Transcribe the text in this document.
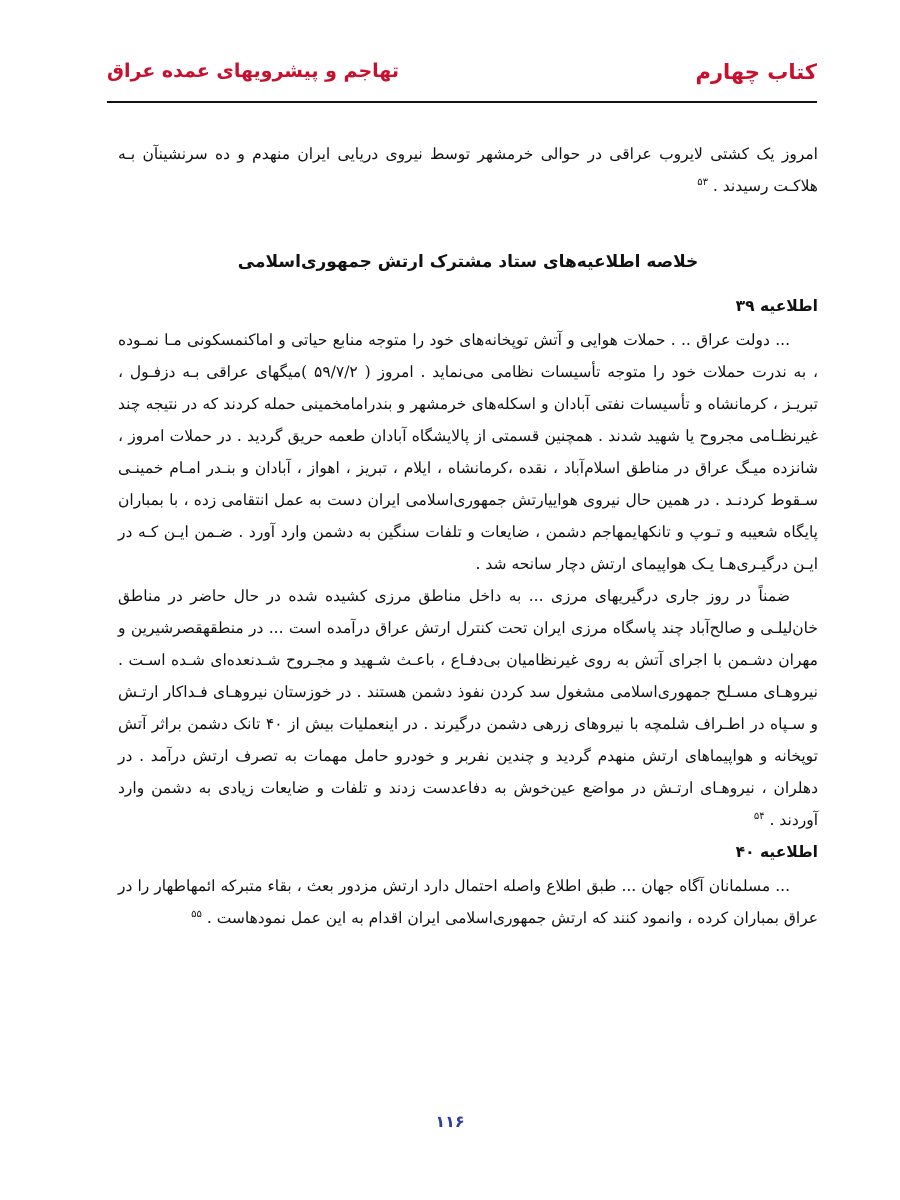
کتاب چهارم
تهاجم و پیشرویهای عمده عراق

امروز یک کشتی لایروب عراقی در حوالی خرمشهر توسط نیروی دریایی ایران منهدم و ده سرنشینآن بـه هلاکـت رسیدند . $^{۵۳}$

خلاصه اطلاعیه‌های ستاد مشترک ارتش جمهوری‌اسلامی

اطلاعیه ۳۹

... دولت عراق .. . حملات هوایی و آتش توپخانه‌های خود را متوجه منابع حیاتی و اماکنمسکونی مـا نمـوده ، به ندرت حملات خود را متوجه تأسیسات نظامی می‌نماید . امروز ( ۵۹/۷/۲ )میگهای عراقی بـه دزفـول ، تبریـز ، کرمانشاه و تأسیسات نفتی آبادان و اسکله‌های خرمشهر و بندرامامخمینی حمله کردند که در نتیجه چند غیرنظـامی مجروح یا شهید شدند . همچنین قسمتی از پالایشگاه آبادان طعمه حریق گردید . در حملات امروز ، شانزده میـگ عراق در مناطق اسلام‌آباد ، نقده ،کرمانشاه ، ایلام ، تبریز ، اهواز ، آبادان و بنـدر امـام خمینـی سـقوط کردنـد . در همین حال نیروی هواییارتش جمهوری‌اسلامی ایران دست به عمل انتقامی زده ، با بمباران پایگاه شعیبه و تـوپ و تانکهایمهاجم دشمن ، ضایعات و تلفات سنگین به دشمن وارد آورد . ضـمن ایـن کـه در ایـن درگیـری‌هـا یـک هواپیمای ارتش دچار سانحه شد .

ضمناً در روز جاری درگیریهای مرزی ... به داخل مناطق مرزی کشیده شده در حال حاضر در مناطق خان‌لیلـی و صالح‌آباد چند پاسگاه مرزی ایران تحت کنترل ارتش عراق درآمده است ... در منطقهقصرشیرین و مهران دشـمن با اجرای آتش به روی غیرنظامیان بی‌دفـاع ، باعـث شـهید و مجـروح شـدنعده‌ای شـده اسـت . نیروهـای مسـلح جمهوری‌اسلامی مشغول سد کردن نفوذ دشمن هستند . در خوزستان نیروهـای فـداکار ارتـش و سـپاه در اطـراف شلمچه با نیروهای زرهی دشمن درگیرند . در اینعملیات بیش از ۴۰ تانک دشمن براثر آتش توپخانه و هواپیماهای ارتش منهدم گردید و چندین نفربر و خودرو حامل مهمات به تصرف ارتش درآمد . در دهلران ، نیروهـای ارتـش در مواضع عین‌خوش به دفاعدست زدند و تلفات و ضایعات زیادی به دشمن وارد آوردند . $^{۵۴}$

اطلاعیه ۴۰

... مسلمانان آگاه جهان ... طبق اطلاع واصله احتمال دارد ارتش مزدور بعث ، بقاء متبرکه ائمهاطهار را در عراق بمباران کرده ، وانمود کنند که ارتش جمهوری‌اسلامی ایران اقدام به این عمل نمودهاست . $^{۵۵}$

۱۱۶
